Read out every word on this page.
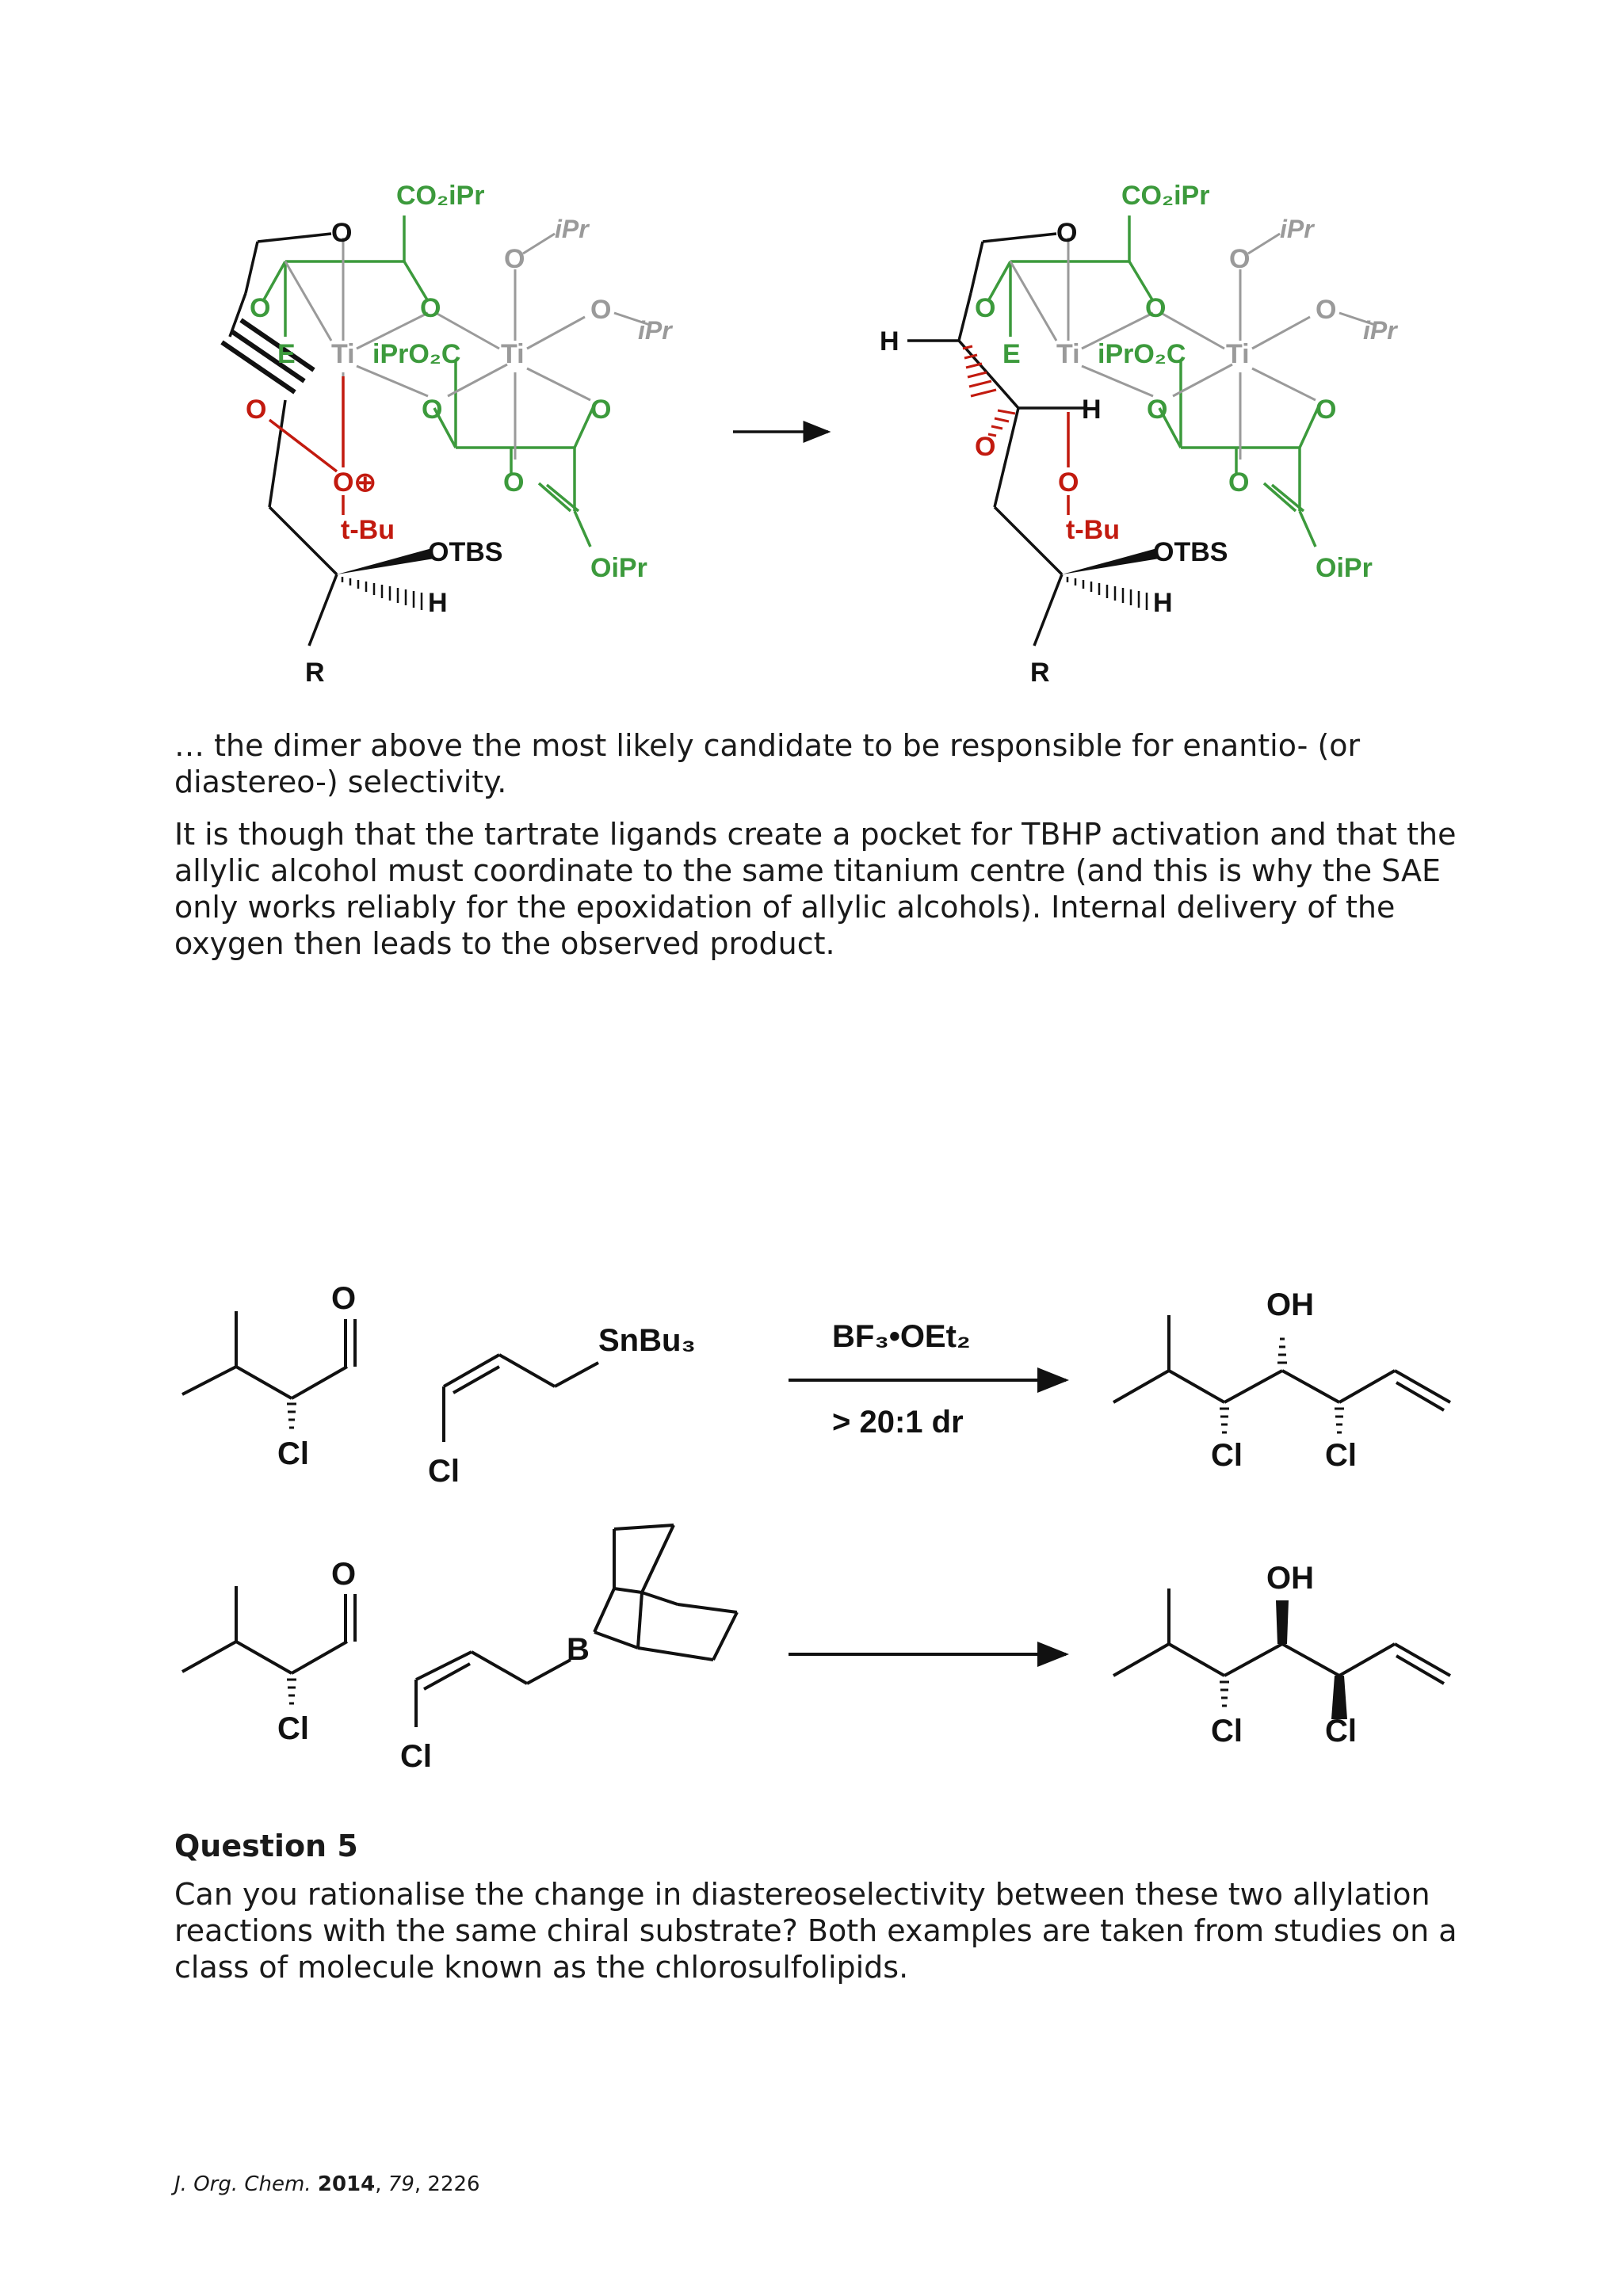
O
CO₂iPr
iPr
O
O
iPr
O	O
E Ti iPrO₂C Ti
O	O	O
O⊕	O
t-Bu
OTBS
OiPr
H
R
O
CO₂iPr
iPr
O
O
iPr
O	O
H	E Ti iPrO₂C Ti
H O	O
O
O	O
t-Bu
OTBS
OiPr
H
R

… the dimer above the most likely candidate to be responsible for enantio- (or diastereo-) selectivity.

It is though that the tartrate ligands create a pocket for TBHP activation and that the allylic alcohol must coordinate to the same titanium centre (and this is why the SAE only works reliably for the epoxidation of allylic alcohols). Internal delivery of the oxygen then leads to the observed product.

O
Cl
SnBu₃
Cl
BF₃•OEt₂
> 20:1 dr
OH
Cl	Cl
O
Cl
B
Cl
OH
Cl	Cl
Question 5

Can you rationalise the change in diastereoselectivity between these two allylation reactions with the same chiral substrate? Both examples are taken from studies on a class of molecule known as the chlorosulfolipids.

J. Org. Chem. 2014, 79, 2226
